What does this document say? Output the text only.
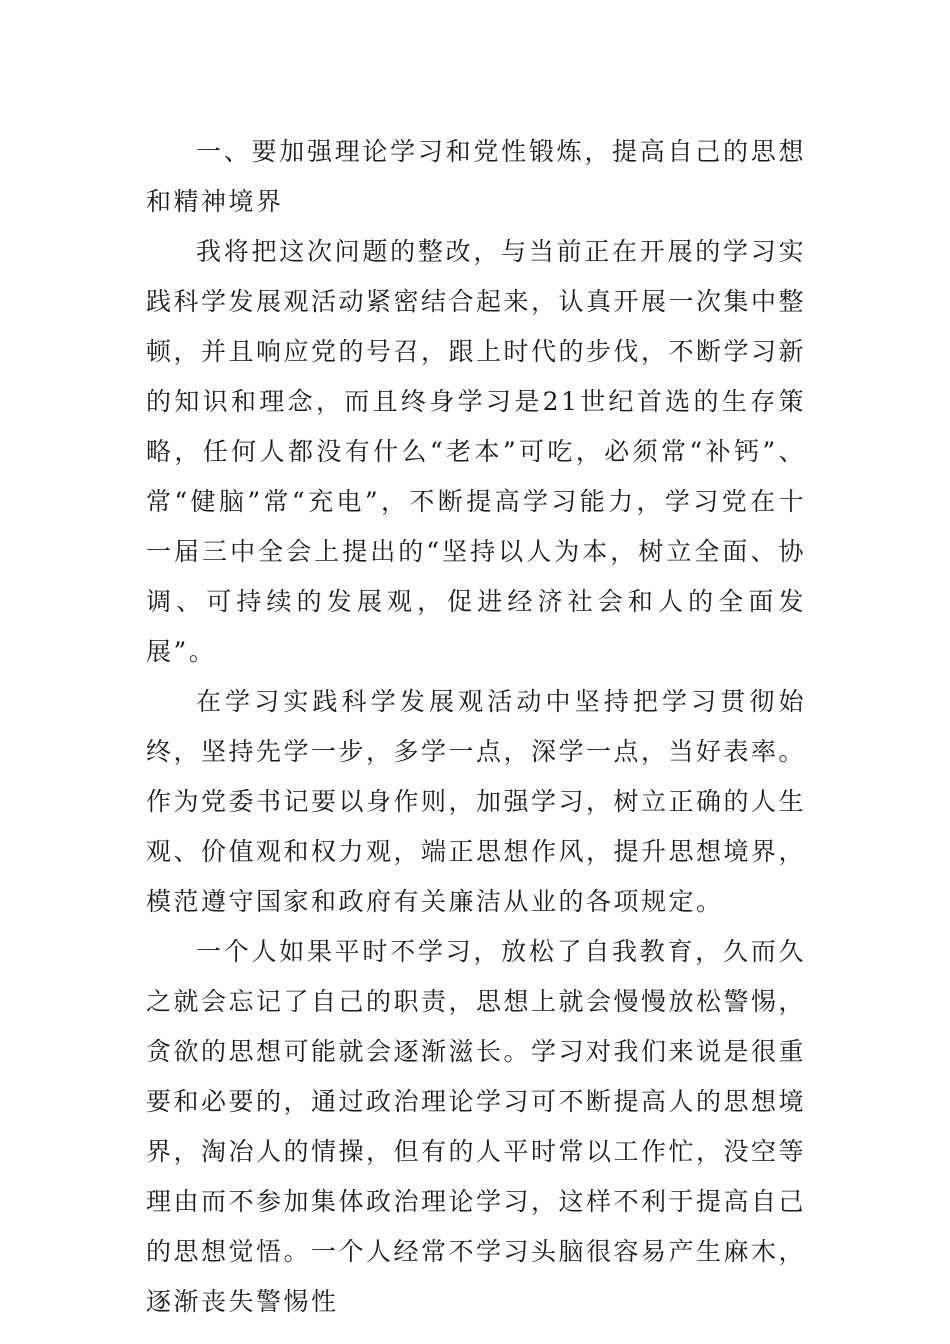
一、要加强理论学习和党性锻炼，提高自己的思想和精神境界

我将把这次问题的整改，与当前正在开展的学习实践科学发展观活动紧密结合起来，认真开展一次集中整顿，并且响应党的号召，跟上时代的步伐，不断学习新的知识和理念，而且终身学习是21世纪首选的生存策略，任何人都没有什么“老本”可吃，必须常“补钙”、常“健脑”常“充电”，不断提高学习能力，学习党在十一届三中全会上提出的“坚持以人为本，树立全面、协调、可持续的发展观，促进经济社会和人的全面发展”。

在学习实践科学发展观活动中坚持把学习贯彻始终，坚持先学一步，多学一点，深学一点，当好表率。作为党委书记要以身作则，加强学习，树立正确的人生观、价值观和权力观，端正思想作风，提升思想境界，模范遵守国家和政府有关廉洁从业的各项规定。

一个人如果平时不学习，放松了自我教育，久而久之就会忘记了自己的职责，思想上就会慢慢放松警惕，贪欲的思想可能就会逐渐滋长。学习对我们来说是很重要和必要的，通过政治理论学习可不断提高人的思想境界，淘冶人的情操，但有的人平时常以工作忙，没空等理由而不参加集体政治理论学习，这样不利于提高自己的思想觉悟。一个人经常不学习头脑很容易产生麻木，逐渐丧失警惕性
